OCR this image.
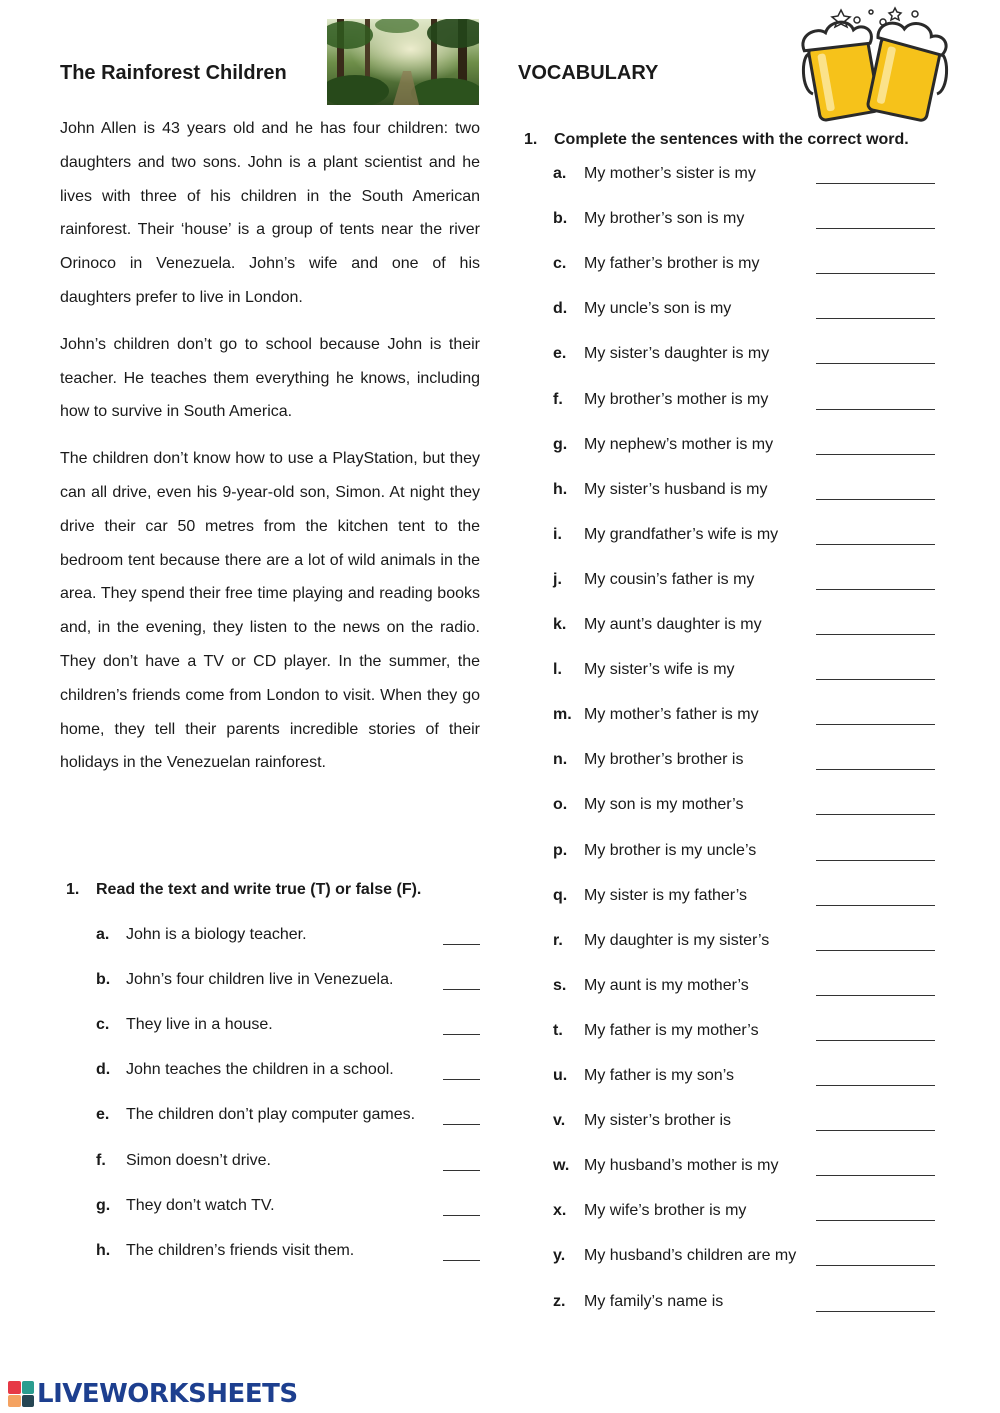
The Rainforest Children	VOCABULARY

John Allen is 43 years old and he has four children: two daughters and two sons. John is a plant scientist and he lives with three of his children in the South American rainforest. Their ‘house’ is a group of tents near the river Orinoco in Venezuela. John’s wife and one of his daughters prefer to live in London.

John’s children don’t go to school because John is their teacher. He teaches them everything he knows, including how to survive in South America.

The children don’t know how to use a PlayStation, but they can all drive, even his 9-year-old son, Simon. At night they drive their car 50 metres from the kitchen tent to the bedroom tent because there are a lot of wild animals in the area. They spend their free time playing and reading books and, in the evening, they listen to the news on the radio. They don’t have a TV or CD player. In the summer, the children’s friends come from London to visit. When they go home, they tell their parents incredible stories of their holidays in the Venezuelan rainforest.

1. Read the text and write true (T) or false (F).
a. John is a biology teacher.
b. John’s four children live in Venezuela.
c. They live in a house.
d. John teaches the children in a school.
e. The children don’t play computer games.
f. Simon doesn’t drive.
g. They don’t watch TV.
h. The children’s friends visit them.
1. Complete the sentences with the correct word.
a. My mother’s sister is my
b. My brother’s son is my
c. My father’s brother is my
d. My uncle’s son is my
e. My sister’s daughter is my
f. My brother’s mother is my
g. My nephew’s mother is my
h. My sister’s husband is my
i. My grandfather’s wife is my
j. My cousin’s father is my
k. My aunt’s daughter is my
l. My sister’s wife is my
m. My mother’s father is my
n. My brother’s brother is
o. My son is my mother’s
p. My brother is my uncle’s
q. My sister is my father’s
r. My daughter is my sister’s
s. My aunt is my mother’s
t. My father is my mother’s
u. My father is my son’s
v. My sister’s brother is
w. My husband’s mother is my
x. My wife’s brother is my
y. My husband’s children are my
z. My family’s name is
LIVEWORKSHEETS
